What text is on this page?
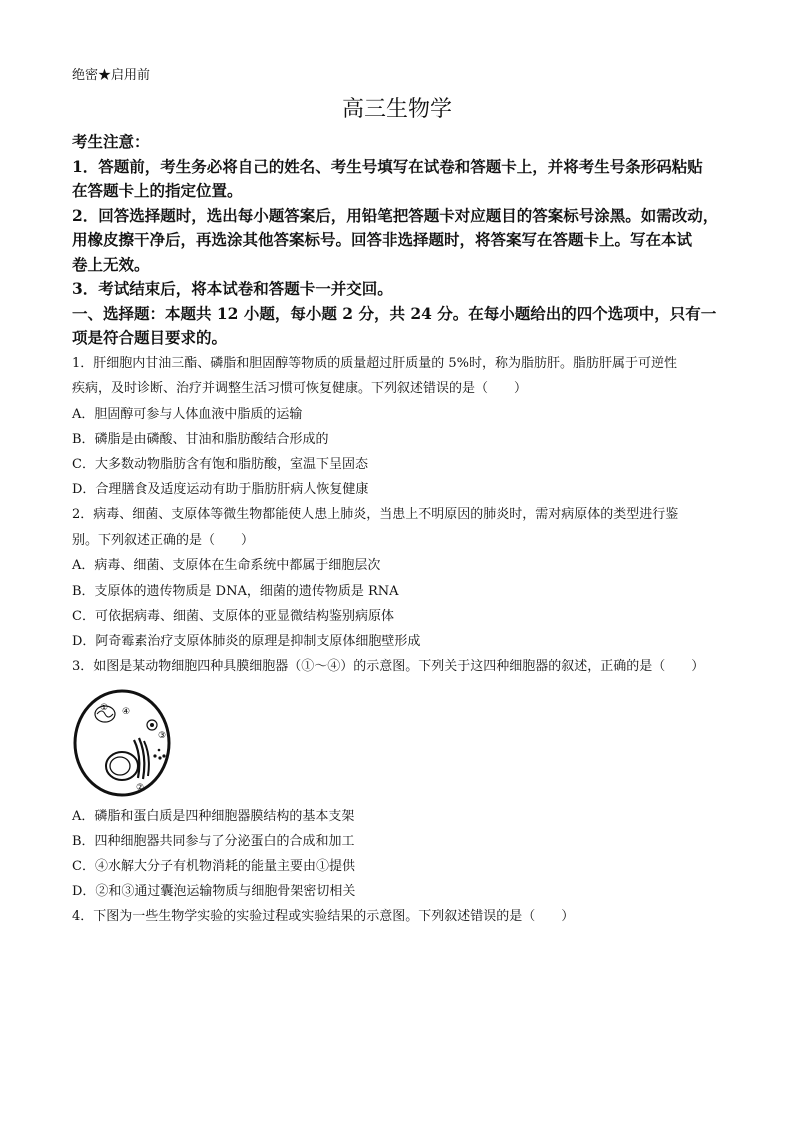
绝密★启用前
高三生物学

考生注意：

1．答题前，考生务必将自己的姓名、考生号填写在试卷和答题卡上，并将考生号条形码粘贴

在答题卡上的指定位置。

2．回答选择题时，选出每小题答案后，用铅笔把答题卡对应题目的答案标号涂黑。如需改动，

用橡皮擦干净后，再选涂其他答案标号。回答非选择题时，将答案写在答题卡上。写在本试

卷上无效。

3．考试结束后，将本试卷和答题卡一并交回。

一、选择题：本题共 12 小题，每小题 2 分，共 24 分。在每小题给出的四个选项中，只有一

项是符合题目要求的。

1．肝细胞内甘油三酯、磷脂和胆固醇等物质的质量超过肝质量的 5%时，称为脂肪肝。脂肪肝属于可逆性

疾病，及时诊断、治疗并调整生活习惯可恢复健康。下列叙述错误的是（　　）

A．胆固醇可参与人体血液中脂质的运输

B．磷脂是由磷酸、甘油和脂肪酸结合形成的

C．大多数动物脂肪含有饱和脂肪酸，室温下呈固态

D．合理膳食及适度运动有助于脂肪肝病人恢复健康

2．病毒、细菌、支原体等微生物都能使人患上肺炎，当患上不明原因的肺炎时，需对病原体的类型进行鉴

别。下列叙述正确的是（　　）

A．病毒、细菌、支原体在生命系统中都属于细胞层次

B．支原体的遗传物质是 DNA，细菌的遗传物质是 RNA

C．可依据病毒、细菌、支原体的亚显微结构鉴别病原体

D．阿奇霉素治疗支原体肺炎的原理是抑制支原体细胞壁形成

3．如图是某动物细胞四种具膜细胞器（①～④）的示意图。下列关于这四种细胞器的叙述，正确的是（　　）

① ④
③
②

A．磷脂和蛋白质是四种细胞器膜结构的基本支架

B．四种细胞器共同参与了分泌蛋白的合成和加工

C．④水解大分子有机物消耗的能量主要由①提供

D．②和③通过囊泡运输物质与细胞骨架密切相关

4．下图为一些生物学实验的实验过程或实验结果的示意图。下列叙述错误的是（　　）
